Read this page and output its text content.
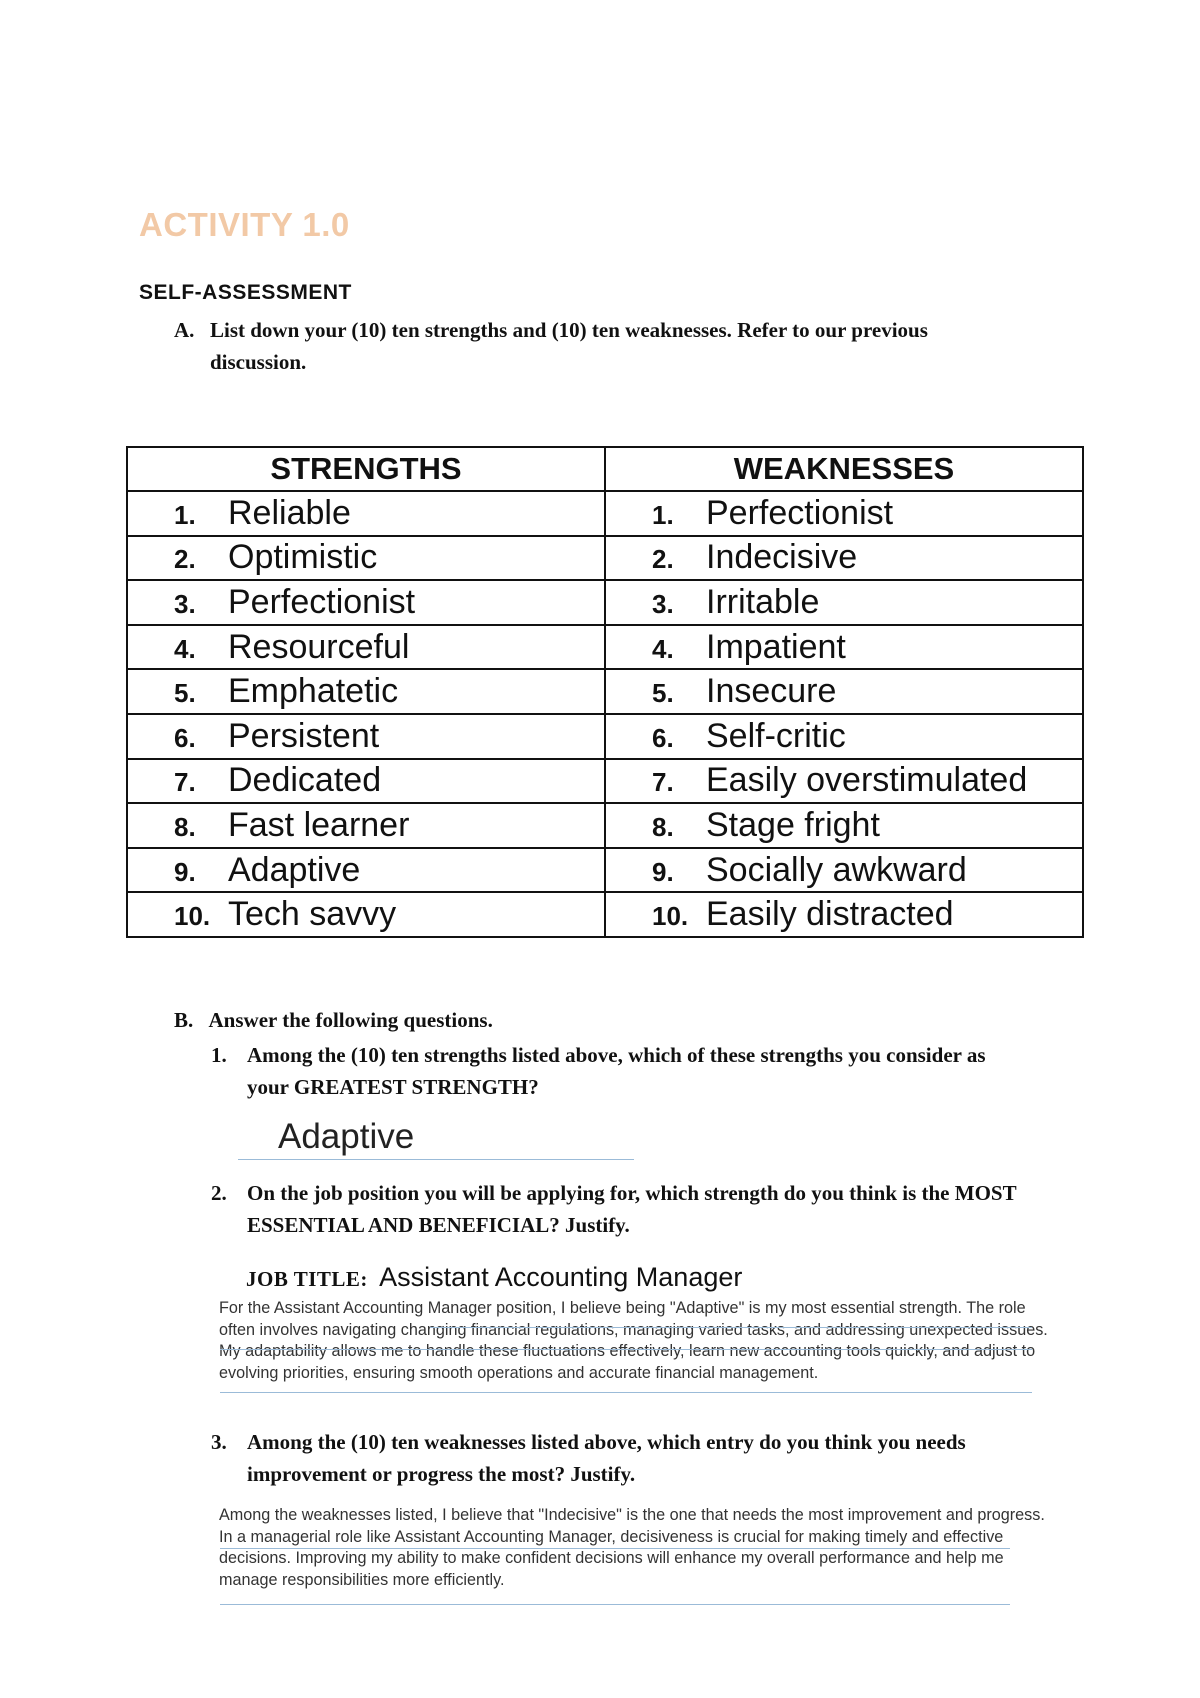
ACTIVITY 1.0
SELF-ASSESSMENT
A. List down your (10) ten strengths and (10) ten weaknesses. Refer to our previous discussion.
STRENGTHS	WEAKNESSES
1. Reliable	1. Perfectionist
2. Optimistic	2. Indecisive
3. Perfectionist	3. Irritable
4. Resourceful	4. Impatient
5. Emphatetic	5. Insecure
6. Persistent	6. Self-critic
7. Dedicated	7. Easily overstimulated
8. Fast learner	8. Stage fright
9. Adaptive	9. Socially awkward
10. Tech savvy	10. Easily distracted
B. Answer the following questions.
1. Among the (10) ten strengths listed above, which of these strengths you consider as your GREATEST STRENGTH?
Adaptive
2. On the job position you will be applying for, which strength do you think is the MOST ESSENTIAL AND BENEFICIAL? Justify.
JOB TITLE: Assistant Accounting Manager
For the Assistant Accounting Manager position, I believe being "Adaptive" is my most essential strength. The role often involves navigating changing financial regulations, managing varied tasks, and addressing unexpected issues. My adaptability allows me to handle these fluctuations effectively, learn new accounting tools quickly, and adjust to evolving priorities, ensuring smooth operations and accurate financial management.
3. Among the (10) ten weaknesses listed above, which entry do you think you needs improvement or progress the most? Justify.
Among the weaknesses listed, I believe that "Indecisive" is the one that needs the most improvement and progress. In a managerial role like Assistant Accounting Manager, decisiveness is crucial for making timely and effective decisions. Improving my ability to make confident decisions will enhance my overall performance and help me manage responsibilities more efficiently.
